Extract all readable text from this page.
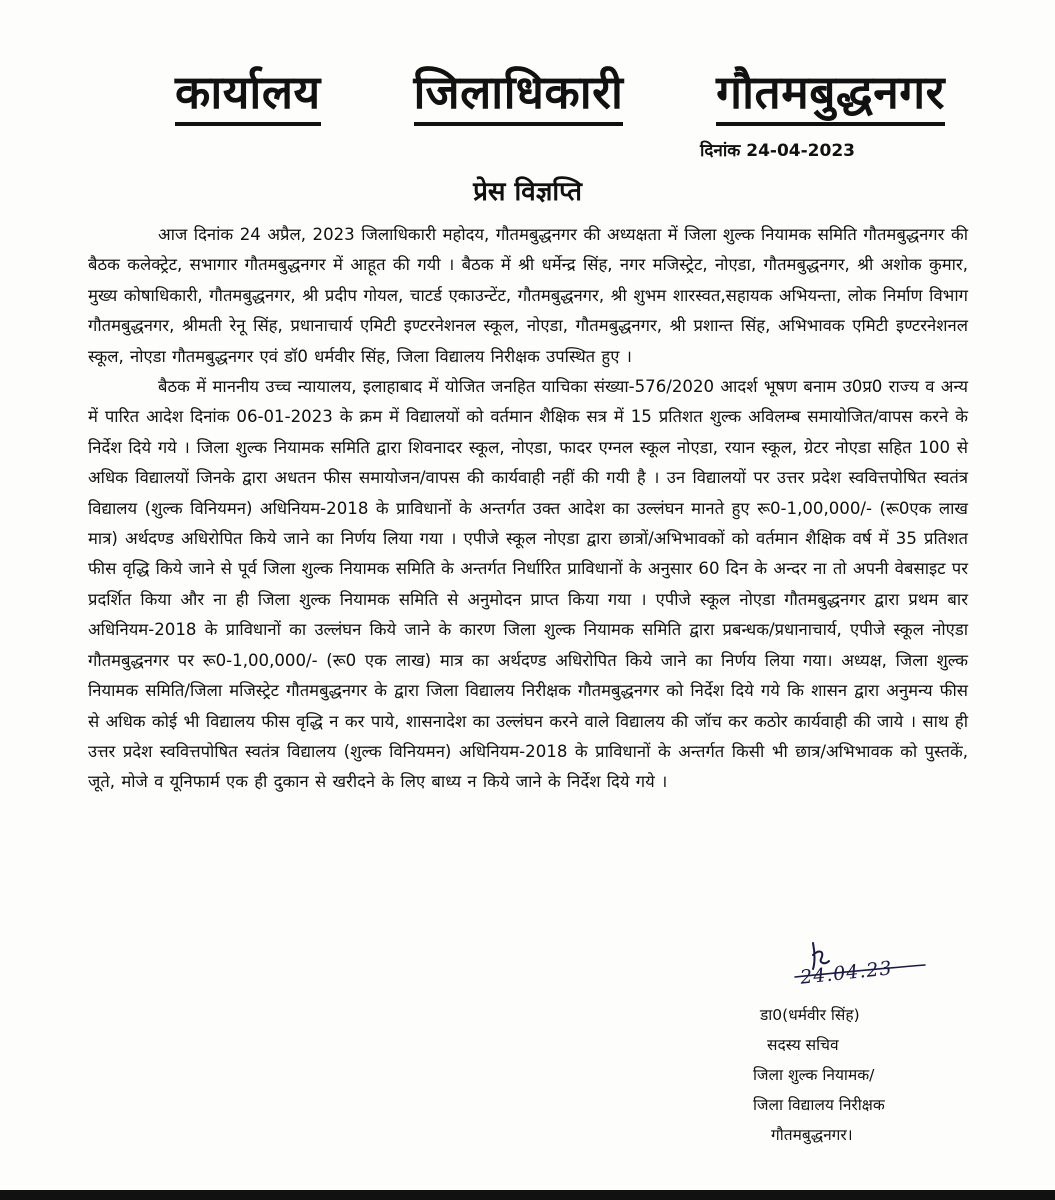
कार्यालय जिलाधिकारी गौतमबुद्धनगर
दिनांक 24-04-2023
प्रेस विज्ञप्ति

आज दिनांक 24 अप्रैल, 2023 जिलाधिकारी महोदय, गौतमबुद्धनगर की अध्यक्षता में जिला शुल्क नियामक समिति गौतमबुद्धनगर की बैठक कलेक्ट्रेट, सभागार गौतमबुद्धनगर में आहूत की गयी । बैठक में श्री धर्मेन्द्र सिंह, नगर मजिस्ट्रेट, नोएडा, गौतमबुद्धनगर, श्री अशोक कुमार, मुख्य कोषाधिकारी, गौतमबुद्धनगर, श्री प्रदीप गोयल, चाटर्ड एकाउन्टेंट, गौतमबुद्धनगर, श्री शुभम शारस्वत,सहायक अभियन्ता, लोक निर्माण विभाग गौतमबुद्धनगर, श्रीमती रेनू सिंह, प्रधानाचार्य एमिटी इण्टरनेशनल स्कूल, नोएडा, गौतमबुद्धनगर, श्री प्रशान्त सिंह, अभिभावक एमिटी इण्टरनेशनल स्कूल, नोएडा गौतमबुद्धनगर एवं डॉ0 धर्मवीर सिंह, जिला विद्यालय निरीक्षक उपस्थित हुए ।

बैठक में माननीय उच्च न्यायालय, इलाहाबाद में योजित जनहित याचिका संख्या-576/2020 आदर्श भूषण बनाम उ0प्र0 राज्य व अन्य में पारित आदेश दिनांक 06-01-2023 के क्रम में विद्यालयों को वर्तमान शैक्षिक सत्र में 15 प्रतिशत शुल्क अविलम्ब समायोजित/वापस करने के निर्देश दिये गये । जिला शुल्क नियामक समिति द्वारा शिवनादर स्कूल, नोएडा, फादर एग्नल स्कूल नोएडा, रयान स्कूल, ग्रेटर नोएडा सहित 100 से अधिक विद्यालयों जिनके द्वारा अधतन फीस समायोजन/वापस की कार्यवाही नहीं की गयी है । उन विद्यालयों पर उत्तर प्रदेश स्ववित्तपोषित स्वतंत्र विद्यालय (शुल्क विनियमन) अधिनियम-2018 के प्राविधानों के अन्तर्गत उक्त आदेश का उल्लंघन मानते हुए रू0-1,00,000/- (रू0एक लाख मात्र) अर्थदण्ड अधिरोपित किये जाने का निर्णय लिया गया । एपीजे स्कूल नोएडा द्वारा छात्रों/अभिभावकों को वर्तमान शैक्षिक वर्ष में 35 प्रतिशत फीस वृद्धि किये जाने से पूर्व जिला शुल्क नियामक समिति के अन्तर्गत निर्धारित प्राविधानों के अनुसार 60 दिन के अन्दर ना तो अपनी वेबसाइट पर प्रदर्शित किया और ना ही जिला शुल्क नियामक समिति से अनुमोदन प्राप्त किया गया । एपीजे स्कूल नोएडा गौतमबुद्धनगर द्वारा प्रथम बार अधिनियम-2018 के प्राविधानों का उल्लंघन किये जाने के कारण जिला शुल्क नियामक समिति द्वारा प्रबन्धक/प्रधानाचार्य, एपीजे स्कूल नोएडा गौतमबुद्धनगर पर रू0-1,00,000/- (रू0 एक लाख) मात्र का अर्थदण्ड अधिरोपित किये जाने का निर्णय लिया गया। अध्यक्ष, जिला शुल्क नियामक समिति/जिला मजिस्ट्रेट गौतमबुद्धनगर के द्वारा जिला विद्यालय निरीक्षक गौतमबुद्धनगर को निर्देश दिये गये कि शासन द्वारा अनुमन्य फीस से अधिक कोई भी विद्यालय फीस वृद्धि न कर पाये, शासनादेश का उल्लंघन करने वाले विद्यालय की जॉच कर कठोर कार्यवाही की जाये । साथ ही उत्तर प्रदेश स्ववित्तपोषित स्वतंत्र विद्यालय (शुल्क विनियमन) अधिनियम-2018 के प्राविधानों के अन्तर्गत किसी भी छात्र/अभिभावक को पुस्तकें, जूते, मोजे व यूनिफार्म एक ही दुकान से खरीदने के लिए बाध्य न किये जाने के निर्देश दिये गये ।

24.04.23
डा0(धर्मवीर सिंह)
सदस्य सचिव
जिला शुल्क नियामक/
जिला विद्यालय निरीक्षक
गौतमबुद्धनगर।
